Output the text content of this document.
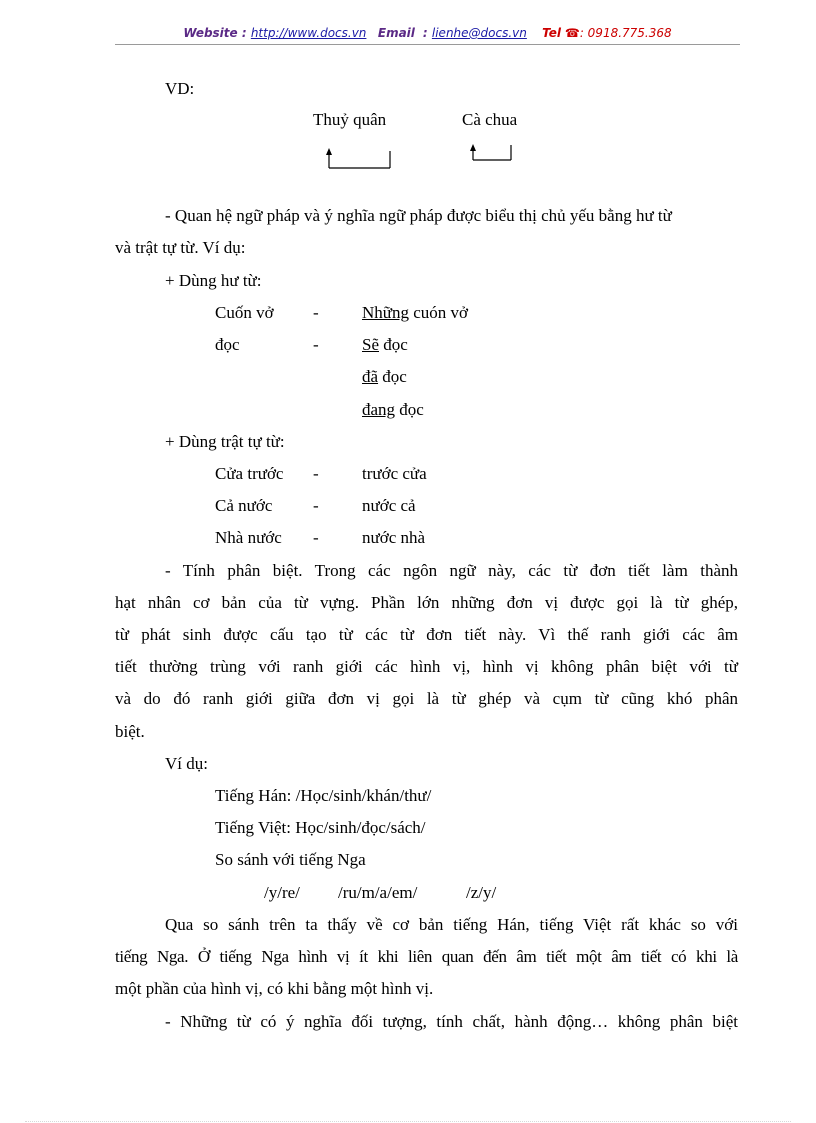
Website : http://www.docs.vn Email  : lienhe@docs.vn Tel ☎: 0918.775.368
VD:
Thuỷ quân	Cà chua
- Quan hệ ngữ pháp và ý nghĩa ngữ pháp được biểu thị chủ yếu bằng hư từ
và trật tự từ. Ví dụ:
+ Dùng hư từ:
Cuốn vở -	Những cuón vở
đọc	-	Sẽ đọc
đã đọc
đang đọc
+ Dùng trật tự từ:
Cửa trước -	trước cửa
Cả nước -	nước cả
Nhà nước -	nước nhà
- Tính phân biệt. Trong các ngôn ngữ này, các từ đơn tiết làm thành
hạt nhân cơ bản của từ vựng. Phần lớn những đơn vị được gọi là từ ghép,
từ phát sinh được cấu tạo từ các từ đơn tiết này. Vì thế ranh giới các âm
tiết thường trùng với ranh giới các hình vị, hình vị không phân biệt với từ
và do đó ranh giới giữa đơn vị gọi là từ ghép và cụm từ cũng khó phân
biệt.
Ví dụ:
Tiếng Hán: /Học/sinh/khán/thư/
Tiếng Việt: Học/sinh/đọc/sách/
So sánh với tiếng Nga
/y/re/ /ru/m/a/em/	/z/y/
Qua so sánh trên ta thấy về cơ bản tiếng Hán, tiếng Việt rất khác so với
tiếng Nga. Ở tiếng Nga hình vị ít khi liên quan đến âm tiết một âm tiết có khi là
một phần của hình vị, có khi bằng một hình vị.
- Những từ có ý nghĩa đối tượng, tính chất, hành động… không phân biệt
